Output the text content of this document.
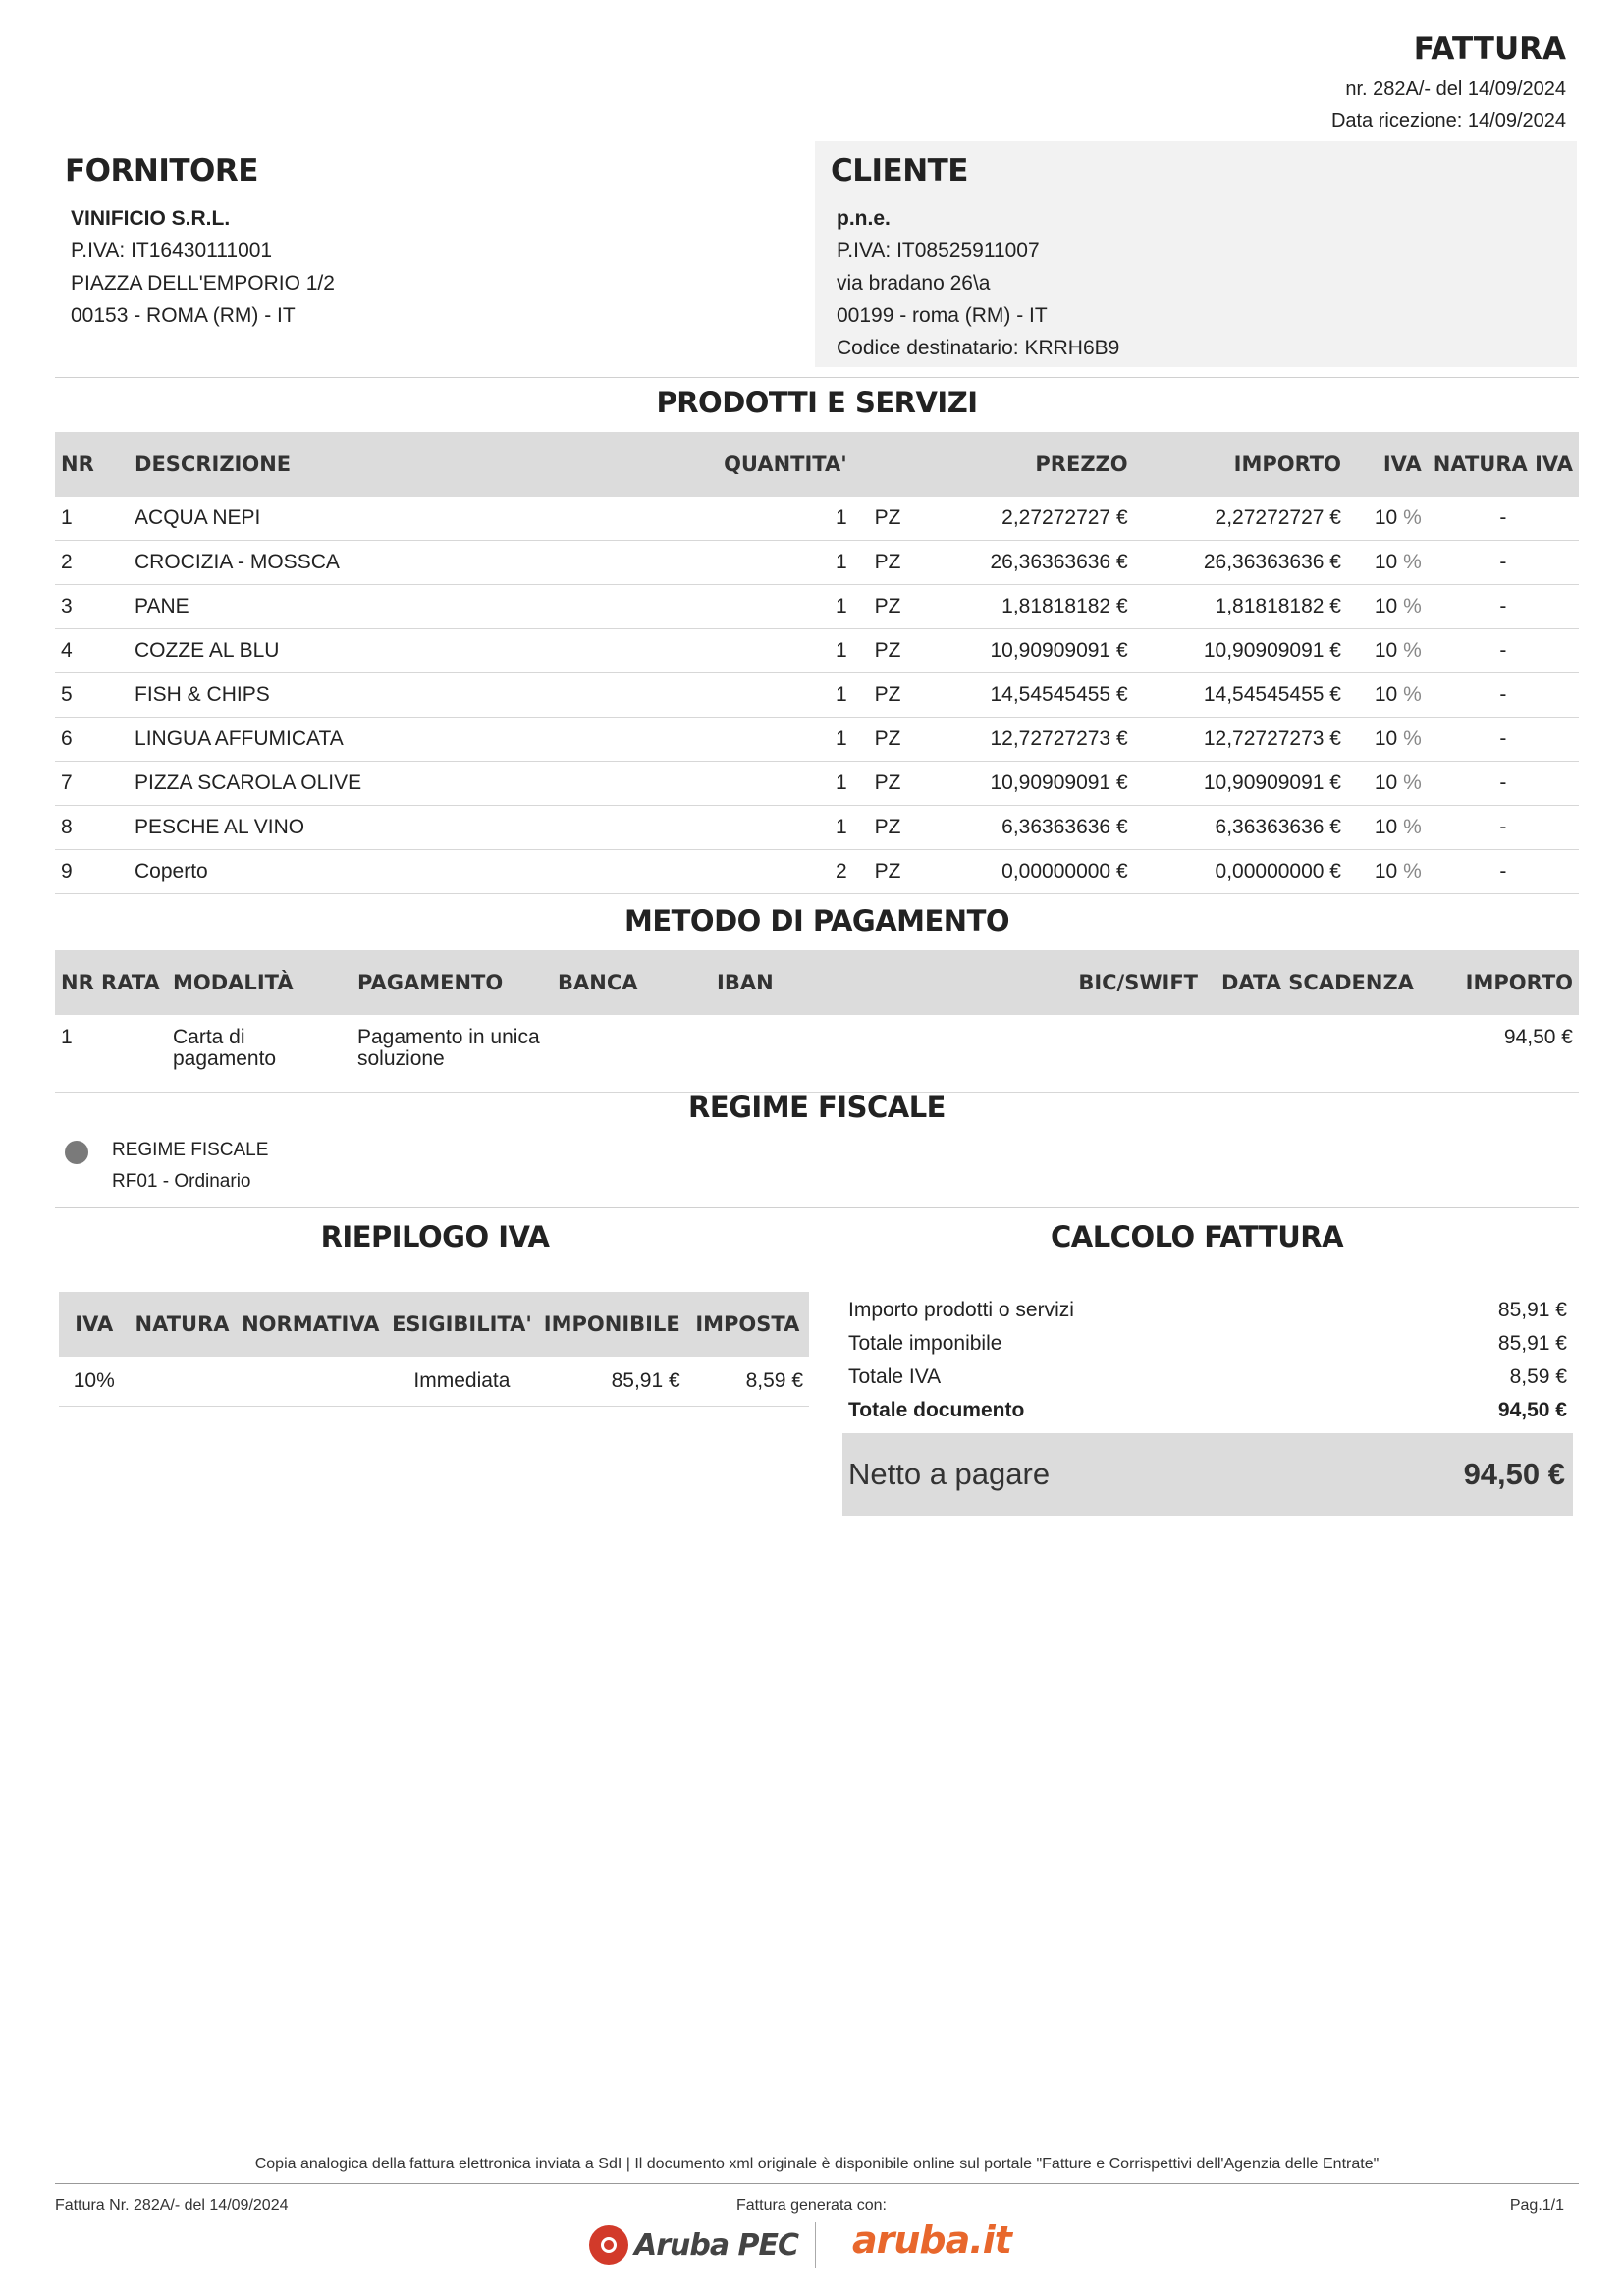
FATTURA
nr. 282A/- del 14/09/2024
Data ricezione: 14/09/2024
FORNITORE
VINIFICIO S.R.L.
P.IVA: IT16430111001
PIAZZA DELL'EMPORIO 1/2
00153 - ROMA (RM) - IT
CLIENTE
p.n.e.
P.IVA: IT08525911007
via bradano 26\a
00199 - roma (RM) - IT
Codice destinatario: KRRH6B9
PRODOTTI E SERVIZI
NR	DESCRIZIONE	QUANTITA'		PREZZO	IMPORTO	IVA	NATURA IVA
1	ACQUA NEPI	1	PZ	2,27272727 €	2,27272727 €	10 %	-
2	CROCIZIA - MOSSCA	1	PZ	26,36363636 €	26,36363636 €	10 %	-
3	PANE	1	PZ	1,81818182 €	1,81818182 €	10 %	-
4	COZZE AL BLU	1	PZ	10,90909091 €	10,90909091 €	10 %	-
5	FISH & CHIPS	1	PZ	14,54545455 €	14,54545455 €	10 %	-
6	LINGUA AFFUMICATA	1	PZ	12,72727273 €	12,72727273 €	10 %	-
7	PIZZA SCAROLA OLIVE	1	PZ	10,90909091 €	10,90909091 €	10 %	-
8	PESCHE AL VINO	1	PZ	6,36363636 €	6,36363636 €	10 %	-
9	Coperto	2	PZ	0,00000000 €	0,00000000 €	10 %	-
METODO DI PAGAMENTO
NR RATA	MODALITÀ	PAGAMENTO	BANCA	IBAN	BIC/SWIFT	DATA SCADENZA	IMPORTO
1	Carta di pagamento	Pagamento in unica soluzione					94,50 €
REGIME FISCALE
REGIME FISCALE
RF01 - Ordinario
RIEPILOGO IVA
IVA	NATURA	NORMATIVA	ESIGIBILITA'	IMPONIBILE	IMPOSTA
10%			Immediata	85,91 €	8,59 €
CALCOLO FATTURA
Importo prodotti o servizi	85,91 €
Totale imponibile	85,91 €
Totale IVA	8,59 €
Totale documento	94,50 €
Netto a pagare	94,50 €
Copia analogica della fattura elettronica inviata a SdI | Il documento xml originale è disponibile online sul portale "Fatture e Corrispettivi dell'Agenzia delle Entrate"
Fattura Nr. 282A/- del 14/09/2024	Fattura generata con:	Pag.1/1
Aruba PEC aruba.it
